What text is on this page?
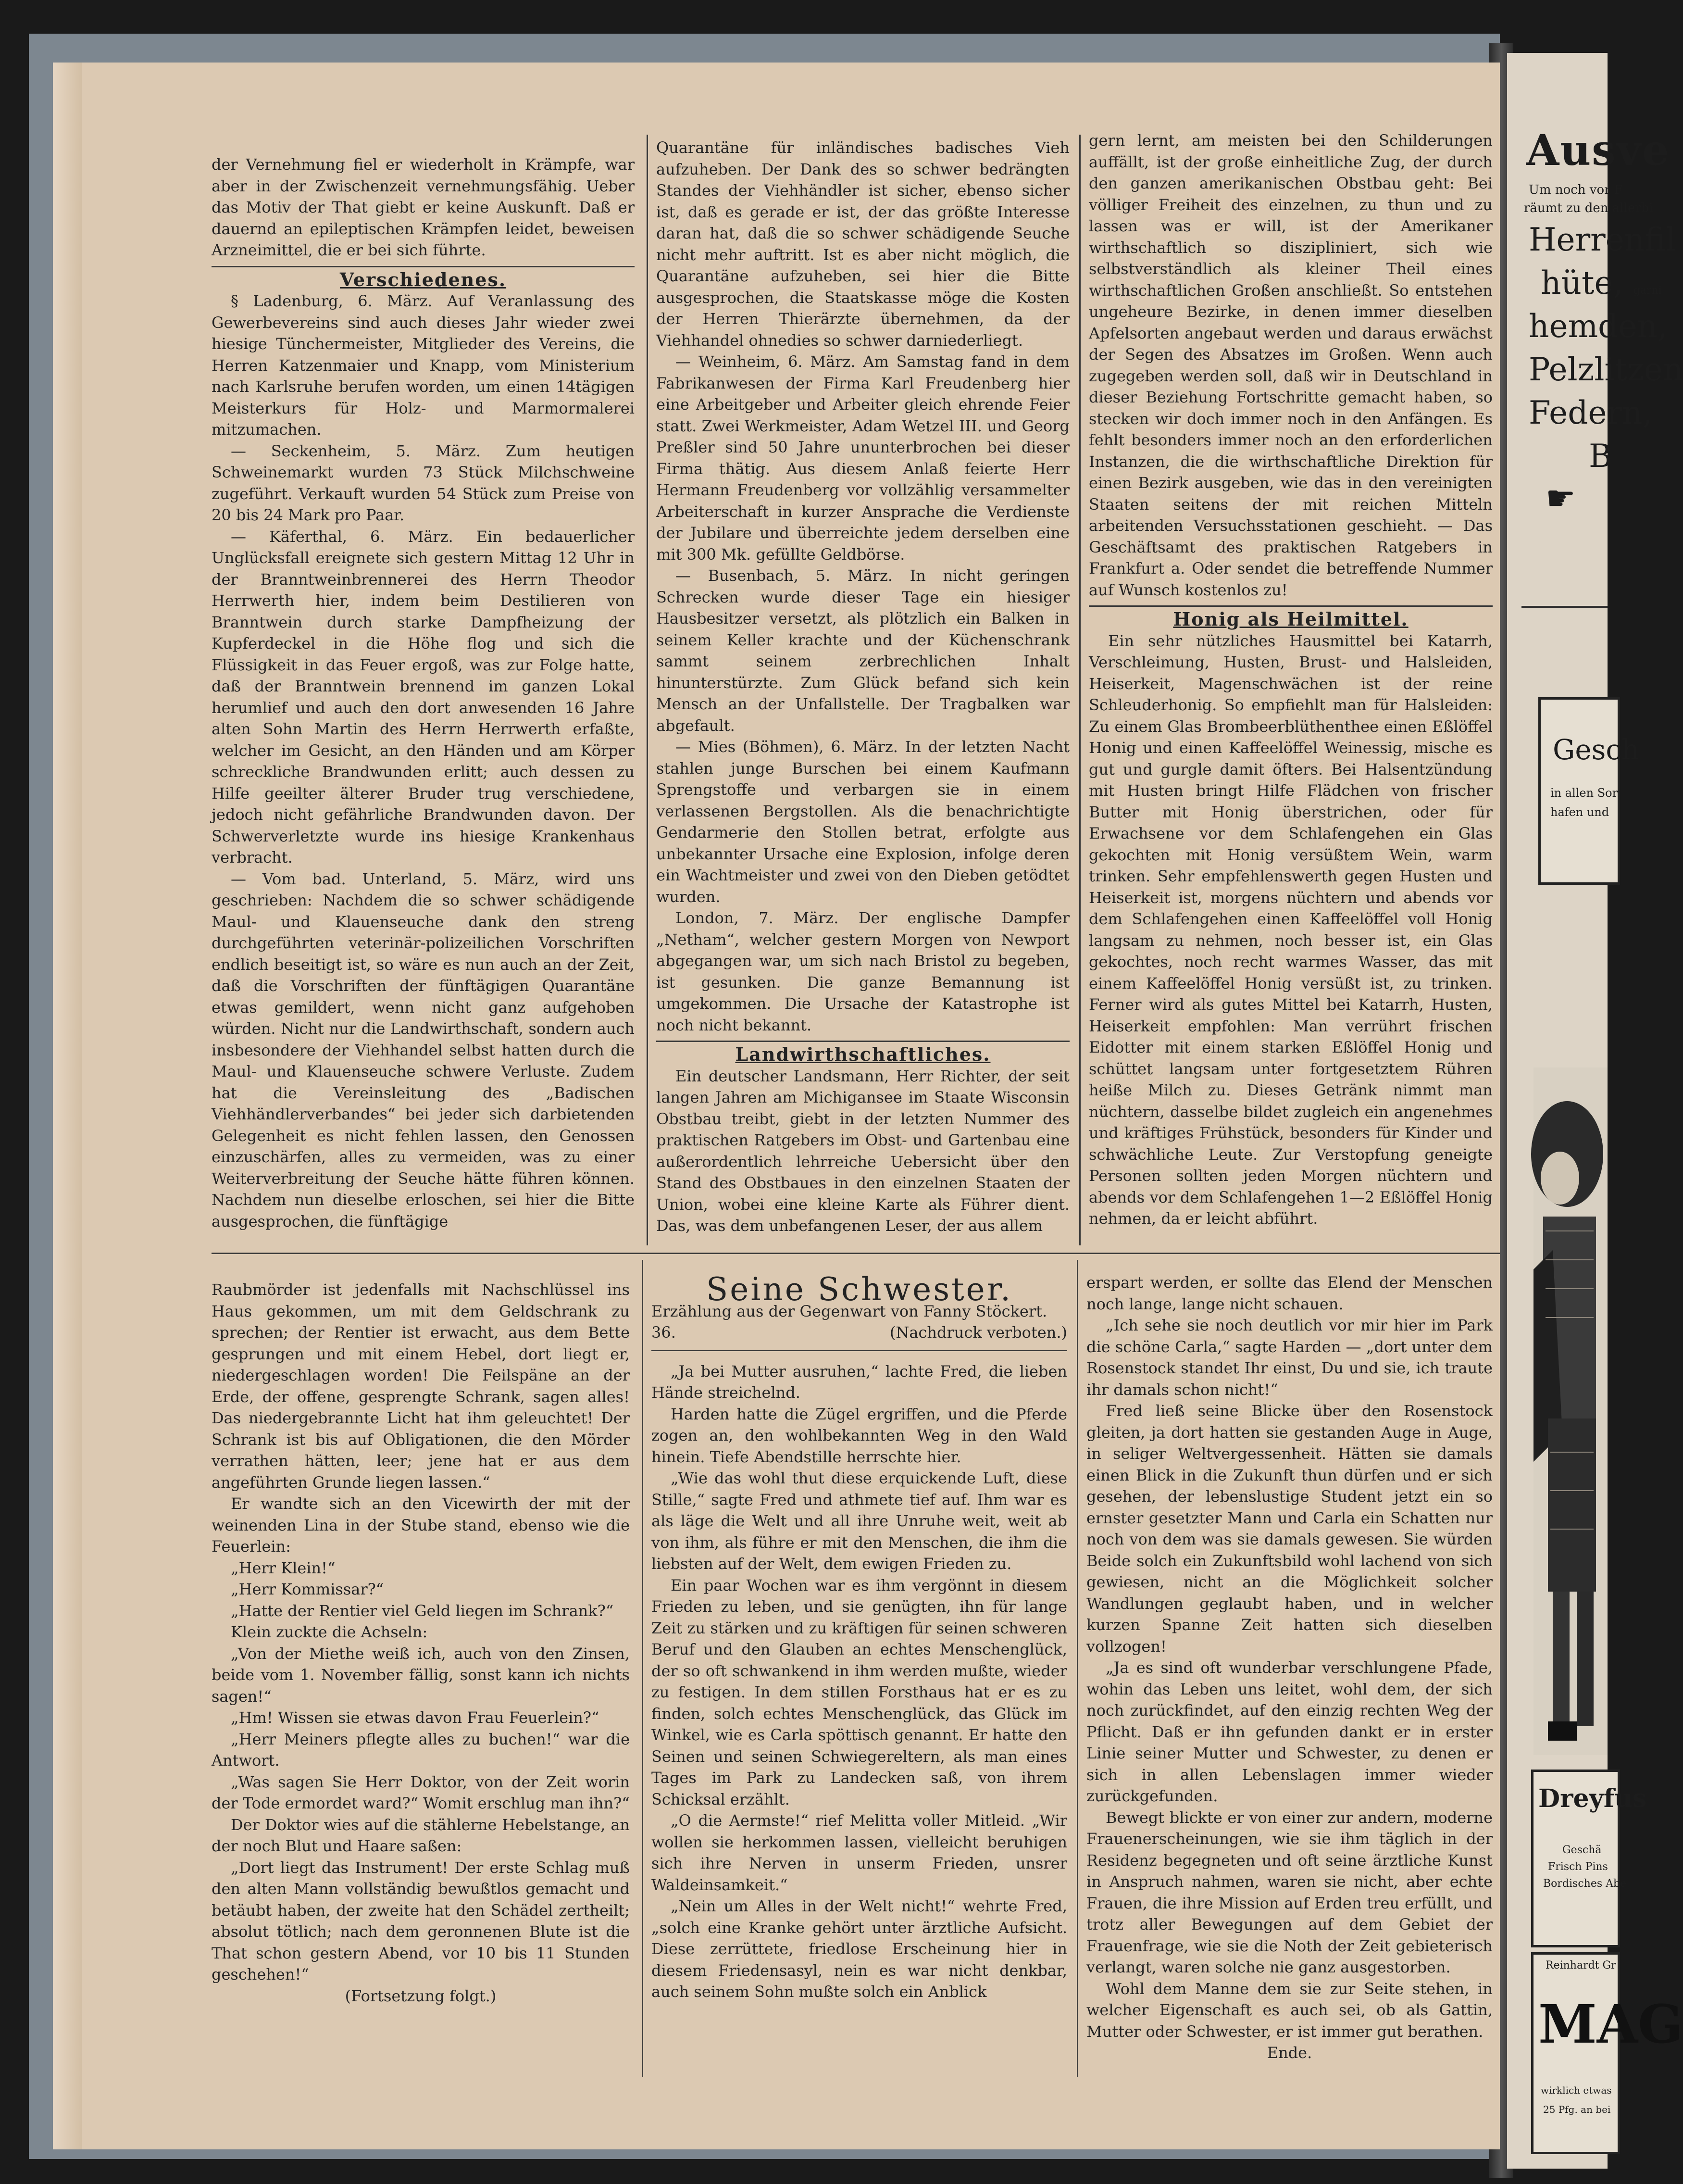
der Vernehmung fiel er wiederholt in Krämpfe, war aber in der Zwischenzeit vernehmungsfähig. Ueber das Motiv der That giebt er keine Auskunft. Daß er dauernd an epileptischen Krämpfen leidet, beweisen Arzneimittel, die er bei sich führte.

Verschiedenes.

§ Ladenburg, 6. März. Auf Veranlassung des Gewerbevereins sind auch dieses Jahr wieder zwei hiesige Tünchermeister, Mitglieder des Vereins, die Herren Katzenmaier und Knapp, vom Ministerium nach Karlsruhe berufen worden, um einen 14tägigen Meisterkurs für Holz- und Marmormalerei mitzumachen.

— Seckenheim, 5. März. Zum heutigen Schweinemarkt wurden 73 Stück Milchschweine zugeführt. Verkauft wurden 54 Stück zum Preise von 20 bis 24 Mark pro Paar.

— Käferthal, 6. März. Ein bedauerlicher Unglücksfall ereignete sich gestern Mittag 12 Uhr in der Branntweinbrennerei des Herrn Theodor Herrwerth hier, indem beim Destilieren von Branntwein durch starke Dampfheizung der Kupferdeckel in die Höhe flog und sich die Flüssigkeit in das Feuer ergoß, was zur Folge hatte, daß der Branntwein brennend im ganzen Lokal herumlief und auch den dort anwesenden 16 Jahre alten Sohn Martin des Herrn Herrwerth erfaßte, welcher im Gesicht, an den Händen und am Körper schreckliche Brandwunden erlitt; auch dessen zu Hilfe geeilter älterer Bruder trug verschiedene, jedoch nicht gefährliche Brandwunden davon. Der Schwerverletzte wurde ins hiesige Krankenhaus verbracht.

— Vom bad. Unterland, 5. März, wird uns geschrieben: Nachdem die so schwer schädigende Maul- und Klauenseuche dank den streng durchgeführten veterinär-polizeilichen Vorschriften endlich beseitigt ist, so wäre es nun auch an der Zeit, daß die Vorschriften der fünftägigen Quarantäne etwas gemildert, wenn nicht ganz aufgehoben würden. Nicht nur die Landwirthschaft, sondern auch insbesondere der Viehhandel selbst hatten durch die Maul- und Klauenseuche schwere Verluste. Zudem hat die Vereinsleitung des „Badischen Viehhändlerverbandes“ bei jeder sich darbietenden Gelegenheit es nicht fehlen lassen, den Genossen einzuschärfen, alles zu vermeiden, was zu einer Weiterverbreitung der Seuche hätte führen können. Nachdem nun dieselbe erloschen, sei hier die Bitte ausgesprochen, die fünftägige

Quarantäne für inländisches badisches Vieh aufzuheben. Der Dank des so schwer bedrängten Standes der Viehhändler ist sicher, ebenso sicher ist, daß es gerade er ist, der das größte Interesse daran hat, daß die so schwer schädigende Seuche nicht mehr auftritt. Ist es aber nicht möglich, die Quarantäne aufzuheben, sei hier die Bitte ausgesprochen, die Staatskasse möge die Kosten der Herren Thierärzte übernehmen, da der Viehhandel ohnedies so schwer darniederliegt.

— Weinheim, 6. März. Am Samstag fand in dem Fabrikanwesen der Firma Karl Freudenberg hier eine Arbeitgeber und Arbeiter gleich ehrende Feier statt. Zwei Werkmeister, Adam Wetzel III. und Georg Preßler sind 50 Jahre ununterbrochen bei dieser Firma thätig. Aus diesem Anlaß feierte Herr Hermann Freudenberg vor vollzählig versammelter Arbeiterschaft in kurzer Ansprache die Verdienste der Jubilare und überreichte jedem derselben eine mit 300 Mk. gefüllte Geldbörse.

— Busenbach, 5. März. In nicht geringen Schrecken wurde dieser Tage ein hiesiger Hausbesitzer versetzt, als plötzlich ein Balken in seinem Keller krachte und der Küchenschrank sammt seinem zerbrechlichen Inhalt hinunterstürzte. Zum Glück befand sich kein Mensch an der Unfallstelle. Der Tragbalken war abgefault.

— Mies (Böhmen), 6. März. In der letzten Nacht stahlen junge Burschen bei einem Kaufmann Sprengstoffe und verbargen sie in einem verlassenen Bergstollen. Als die benachrichtigte Gendarmerie den Stollen betrat, erfolgte aus unbekannter Ursache eine Explosion, infolge deren ein Wachtmeister und zwei von den Dieben getödtet wurden.

London, 7. März. Der englische Dampfer „Netham“, welcher gestern Morgen von Newport abgegangen war, um sich nach Bristol zu begeben, ist gesunken. Die ganze Bemannung ist umgekommen. Die Ursache der Katastrophe ist noch nicht bekannt.

Landwirthschaftliches.

Ein deutscher Landsmann, Herr Richter, der seit langen Jahren am Michigansee im Staate Wisconsin Obstbau treibt, giebt in der letzten Nummer des praktischen Ratgebers im Obst- und Gartenbau eine außerordentlich lehrreiche Uebersicht über den Stand des Obstbaues in den einzelnen Staaten der Union, wobei eine kleine Karte als Führer dient. Das, was dem unbefangenen Leser, der aus allem

gern lernt, am meisten bei den Schilderungen auffällt, ist der große einheitliche Zug, der durch den ganzen amerikanischen Obstbau geht: Bei völliger Freiheit des einzelnen, zu thun und zu lassen was er will, ist der Amerikaner wirthschaftlich so diszipliniert, sich wie selbstverständlich als kleiner Theil eines wirthschaftlichen Großen anschließt. So entstehen ungeheure Bezirke, in denen immer dieselben Apfelsorten angebaut werden und daraus erwächst der Segen des Absatzes im Großen. Wenn auch zugegeben werden soll, daß wir in Deutschland in dieser Beziehung Fortschritte gemacht haben, so stecken wir doch immer noch in den Anfängen. Es fehlt besonders immer noch an den erforderlichen Instanzen, die die wirthschaftliche Direktion für einen Bezirk ausgeben, wie das in den vereinigten Staaten seitens der mit reichen Mitteln arbeitenden Versuchsstationen geschieht. — Das Geschäftsamt des praktischen Ratgebers in Frankfurt a. Oder sendet die betreffende Nummer auf Wunsch kostenlos zu!

Honig als Heilmittel.

Ein sehr nützliches Hausmittel bei Katarrh, Verschleimung, Husten, Brust- und Halsleiden, Heiserkeit, Magenschwächen ist der reine Schleuderhonig. So empfiehlt man für Halsleiden: Zu einem Glas Brombeerblüthenthee einen Eßlöffel Honig und einen Kaffeelöffel Weinessig, mische es gut und gurgle damit öfters. Bei Halsentzündung mit Husten bringt Hilfe Flädchen von frischer Butter mit Honig überstrichen, oder für Erwachsene vor dem Schlafengehen ein Glas gekochten mit Honig versüßtem Wein, warm trinken. Sehr empfehlenswerth gegen Husten und Heiserkeit ist, morgens nüchtern und abends vor dem Schlafengehen einen Kaffeelöffel voll Honig langsam zu nehmen, noch besser ist, ein Glas gekochtes, noch recht warmes Wasser, das mit einem Kaffeelöffel Honig versüßt ist, zu trinken. Ferner wird als gutes Mittel bei Katarrh, Husten, Heiserkeit empfohlen: Man verrührt frischen Eidotter mit einem starken Eßlöffel Honig und schüttet langsam unter fortgesetztem Rühren heiße Milch zu. Dieses Getränk nimmt man nüchtern, dasselbe bildet zugleich ein angenehmes und kräftiges Frühstück, besonders für Kinder und schwächliche Leute. Zur Verstopfung geneigte Personen sollten jeden Morgen nüchtern und abends vor dem Schlafengehen 1—2 Eßlöffel Honig nehmen, da er leicht abführt.

Raubmörder ist jedenfalls mit Nachschlüssel ins Haus gekommen, um mit dem Geldschrank zu sprechen; der Rentier ist erwacht, aus dem Bette gesprungen und mit einem Hebel, dort liegt er, niedergeschlagen worden! Die Feilspäne an der Erde, der offene, gesprengte Schrank, sagen alles! Das niedergebrannte Licht hat ihm geleuchtet! Der Schrank ist bis auf Obligationen, die den Mörder verrathen hätten, leer; jene hat er aus dem angeführten Grunde liegen lassen.“

Er wandte sich an den Vicewirth der mit der weinenden Lina in der Stube stand, ebenso wie die Feuerlein:

„Herr Klein!“

„Herr Kommissar?“

„Hatte der Rentier viel Geld liegen im Schrank?“

Klein zuckte die Achseln:

„Von der Miethe weiß ich, auch von den Zinsen, beide vom 1. November fällig, sonst kann ich nichts sagen!“

„Hm! Wissen sie etwas davon Frau Feuerlein?“

„Herr Meiners pflegte alles zu buchen!“ war die Antwort.

„Was sagen Sie Herr Doktor, von der Zeit worin der Tode ermordet ward?“ Womit erschlug man ihn?“

Der Doktor wies auf die stählerne Hebelstange, an der noch Blut und Haare saßen:

„Dort liegt das Instrument! Der erste Schlag muß den alten Mann vollständig bewußtlos gemacht und betäubt haben, der zweite hat den Schädel zertheilt; absolut tötlich; nach dem geronnenen Blute ist die That schon gestern Abend, vor 10 bis 11 Stunden geschehen!“

(Fortsetzung folgt.)

Seine Schwester.

Erzählung aus der Gegenwart von Fanny Stöckert.

36.	(Nachdruck verboten.)

„Ja bei Mutter ausruhen,“ lachte Fred, die lieben Hände streichelnd.

Harden hatte die Zügel ergriffen, und die Pferde zogen an, den wohlbekannten Weg in den Wald hinein. Tiefe Abendstille herrschte hier.

„Wie das wohl thut diese erquickende Luft, diese Stille,“ sagte Fred und athmete tief auf. Ihm war es als läge die Welt und all ihre Unruhe weit, weit ab von ihm, als führe er mit den Menschen, die ihm die liebsten auf der Welt, dem ewigen Frieden zu.

Ein paar Wochen war es ihm vergönnt in diesem Frieden zu leben, und sie genügten, ihn für lange Zeit zu stärken und zu kräftigen für seinen schweren Beruf und den Glauben an echtes Menschenglück, der so oft schwankend in ihm werden mußte, wieder zu festigen. In dem stillen Forsthaus hat er es zu finden, solch echtes Menschenglück, das Glück im Winkel, wie es Carla spöttisch genannt. Er hatte den Seinen und seinen Schwiegereltern, als man eines Tages im Park zu Landecken saß, von ihrem Schicksal erzählt.

„O die Aermste!“ rief Melitta voller Mitleid. „Wir wollen sie herkommen lassen, vielleicht beruhigen sich ihre Nerven in unserm Frieden, unsrer Waldeinsamkeit.“

„Nein um Alles in der Welt nicht!“ wehrte Fred, „solch eine Kranke gehört unter ärztliche Aufsicht. Diese zerrüttete, friedlose Erscheinung hier in diesem Friedensasyl, nein es war nicht denkbar, auch seinem Sohn mußte solch ein Anblick

erspart werden, er sollte das Elend der Menschen noch lange, lange nicht schauen.

„Ich sehe sie noch deutlich vor mir hier im Park die schöne Carla,“ sagte Harden — „dort unter dem Rosenstock standet Ihr einst, Du und sie, ich traute ihr damals schon nicht!“

Fred ließ seine Blicke über den Rosenstock gleiten, ja dort hatten sie gestanden Auge in Auge, in seliger Weltvergessenheit. Hätten sie damals einen Blick in die Zukunft thun dürfen und er sich gesehen, der lebenslustige Student jetzt ein so ernster gesetzter Mann und Carla ein Schatten nur noch von dem was sie damals gewesen. Sie würden Beide solch ein Zukunftsbild wohl lachend von sich gewiesen, nicht an die Möglichkeit solcher Wandlungen geglaubt haben, und in welcher kurzen Spanne Zeit hatten sich dieselben vollzogen!

„Ja es sind oft wunderbar verschlungene Pfade, wohin das Leben uns leitet, wohl dem, der sich noch zurückfindet, auf den einzig rechten Weg der Pflicht. Daß er ihn gefunden dankt er in erster Linie seiner Mutter und Schwester, zu denen er sich in allen Lebenslagen immer wieder zurückgefunden.

Bewegt blickte er von einer zur andern, moderne Frauenerscheinungen, wie sie ihm täglich in der Residenz begegneten und oft seine ärztliche Kunst in Anspruch nahmen, waren sie nicht, aber echte Frauen, die ihre Mission auf Erden treu erfüllt, und trotz aller Bewegungen auf dem Gebiet der Frauenfrage, wie sie die Noth der Zeit gebieterisch verlangt, waren solche nie ganz ausgestorben.

Wohl dem Manne dem sie zur Seite stehen, in welcher Eigenschaft es auch sei, ob als Gattin, Mutter oder Schwester, er ist immer gut berathen.

Ende.

Ausve
Um noch vor F
räumt zu den allerbi
Herrenfil
hüte, garni
hemden,
Pelzlitzen
Federn,
B
☛
Gesch
in allen Sor
hafen und
Dreyfus
Geschä
Frisch Pins
Bordisches Abe
Reinhardt Gr
MAG
wirklich etwas
25 Pfg. an bei
